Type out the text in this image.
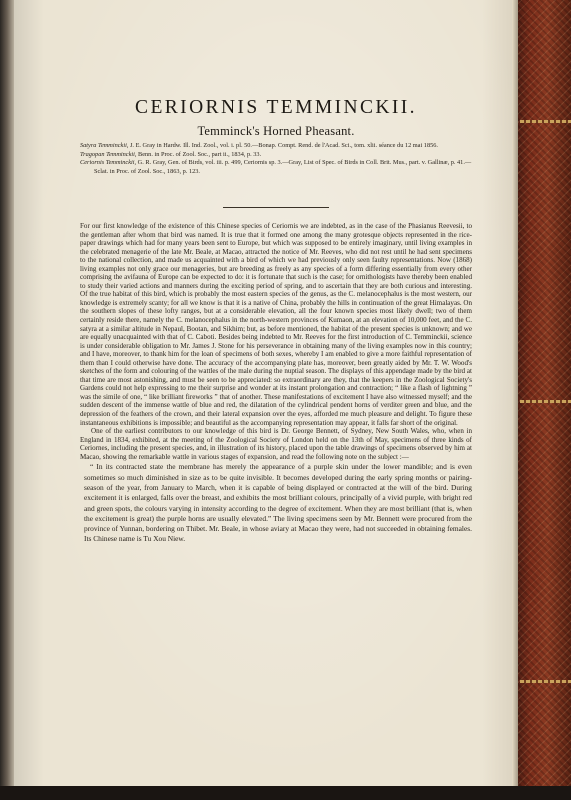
CERIORNIS TEMMINCKII.
Temminck's Horned Pheasant.

Satyra Temminckii, J. E. Gray in Hardw. Ill. Ind. Zool., vol. i. pl. 50.—Bonap. Compt. Rend. de l'Acad. Sci., tom. xlii. séance du 12 mai 1856.

Tragopan Temminckii, Benn. in Proc. of Zool. Soc., part ii., 1834, p. 33.

Ceriornis Temminckii, G. R. Gray, Gen. of Birds, vol. iii. p. 499, Ceriornis sp. 3.—Gray, List of Spec. of Birds in Coll. Brit. Mus., part. v. Gallinæ, p. 41.—Sclat. in Proc. of Zool. Soc., 1863, p. 123.

For our first knowledge of the existence of this Chinese species of Ceriornis we are indebted, as in the case of the Phasianus Reevesii, to the gentleman after whom that bird was named. It is true that it formed one among the many grotesque objects represented in the rice-paper drawings which had for many years been sent to Europe, but which was supposed to be entirely imaginary, until living examples in the celebrated menagerie of the late Mr. Beale, at Macao, attracted the notice of Mr. Reeves, who did not rest until he had sent specimens to the national collection, and made us acquainted with a bird of which we had previously only seen faulty representations. Now (1868) living examples not only grace our menageries, but are breeding as freely as any species of a form differing essentially from every other comprising the avifauna of Europe can be expected to do: it is fortunate that such is the case; for ornithologists have thereby been enabled to study their varied actions and manners during the exciting period of spring, and to ascertain that they are both curious and interesting. Of the true habitat of this bird, which is probably the most eastern species of the genus, as the C. melanocephalus is the most western, our knowledge is extremely scanty; for all we know is that it is a native of China, probably the hills in continuation of the great Himalayas. On the southern slopes of these lofty ranges, but at a considerable elevation, all the four known species most likely dwell; two of them certainly reside there, namely the C. melanocephalus in the north-western provinces of Kumaon, at an elevation of 10,000 feet, and the C. satyra at a similar altitude in Nepaul, Bootan, and Sikhim; but, as before mentioned, the habitat of the present species is unknown; and we are equally unacquainted with that of C. Caboti. Besides being indebted to Mr. Reeves for the first introduction of C. Temminckii, science is under considerable obligation to Mr. James J. Stone for his perseverance in obtaining many of the living examples now in this country; and I have, moreover, to thank him for the loan of specimens of both sexes, whereby I am enabled to give a more faithful representation of them than I could otherwise have done. The accuracy of the accompanying plate has, moreover, been greatly aided by Mr. T. W. Wood's sketches of the form and colouring of the wattles of the male during the nuptial season. The displays of this appendage made by the bird at that time are most astonishing, and must be seen to be appreciated: so extraordinary are they, that the keepers in the Zoological Society's Gardens could not help expressing to me their surprise and wonder at its instant prolongation and contraction; “ like a flash of lightning ” was the simile of one, “ like brilliant fireworks ” that of another. These manifestations of excitement I have also witnessed myself; and the sudden descent of the immense wattle of blue and red, the dilatation of the cylindrical pendent horns of verditer green and blue, and the depression of the feathers of the crown, and their lateral expansion over the eyes, afforded me much pleasure and delight. To figure these instantaneous exhibitions is impossible; and beautiful as the accompanying representation may appear, it falls far short of the original.

One of the earliest contributors to our knowledge of this bird is Dr. George Bennett, of Sydney, New South Wales, who, when in England in 1834, exhibited, at the meeting of the Zoological Society of London held on the 13th of May, specimens of three kinds of Ceriornes, including the present species, and, in illustration of its history, placed upon the table drawings of specimens observed by him at Macao, showing the remarkable wattle in various stages of expansion, and read the following note on the subject :—

“ In its contracted state the membrane has merely the appearance of a purple skin under the lower mandible; and is even sometimes so much diminished in size as to be quite invisible. It becomes developed during the early spring months or pairing-season of the year, from January to March, when it is capable of being displayed or contracted at the will of the bird. During excitement it is enlarged, falls over the breast, and exhibits the most brilliant colours, principally of a vivid purple, with bright red and green spots, the colours varying in intensity according to the degree of excitement. When they are most brilliant (that is, when the excitement is great) the purple horns are usually elevated.” The living specimens seen by Mr. Bennett were procured from the province of Yunnan, bordering on Thibet. Mr. Beale, in whose aviary at Macao they were, had not succeeded in obtaining females. Its Chinese name is Tu Xou Niew.
